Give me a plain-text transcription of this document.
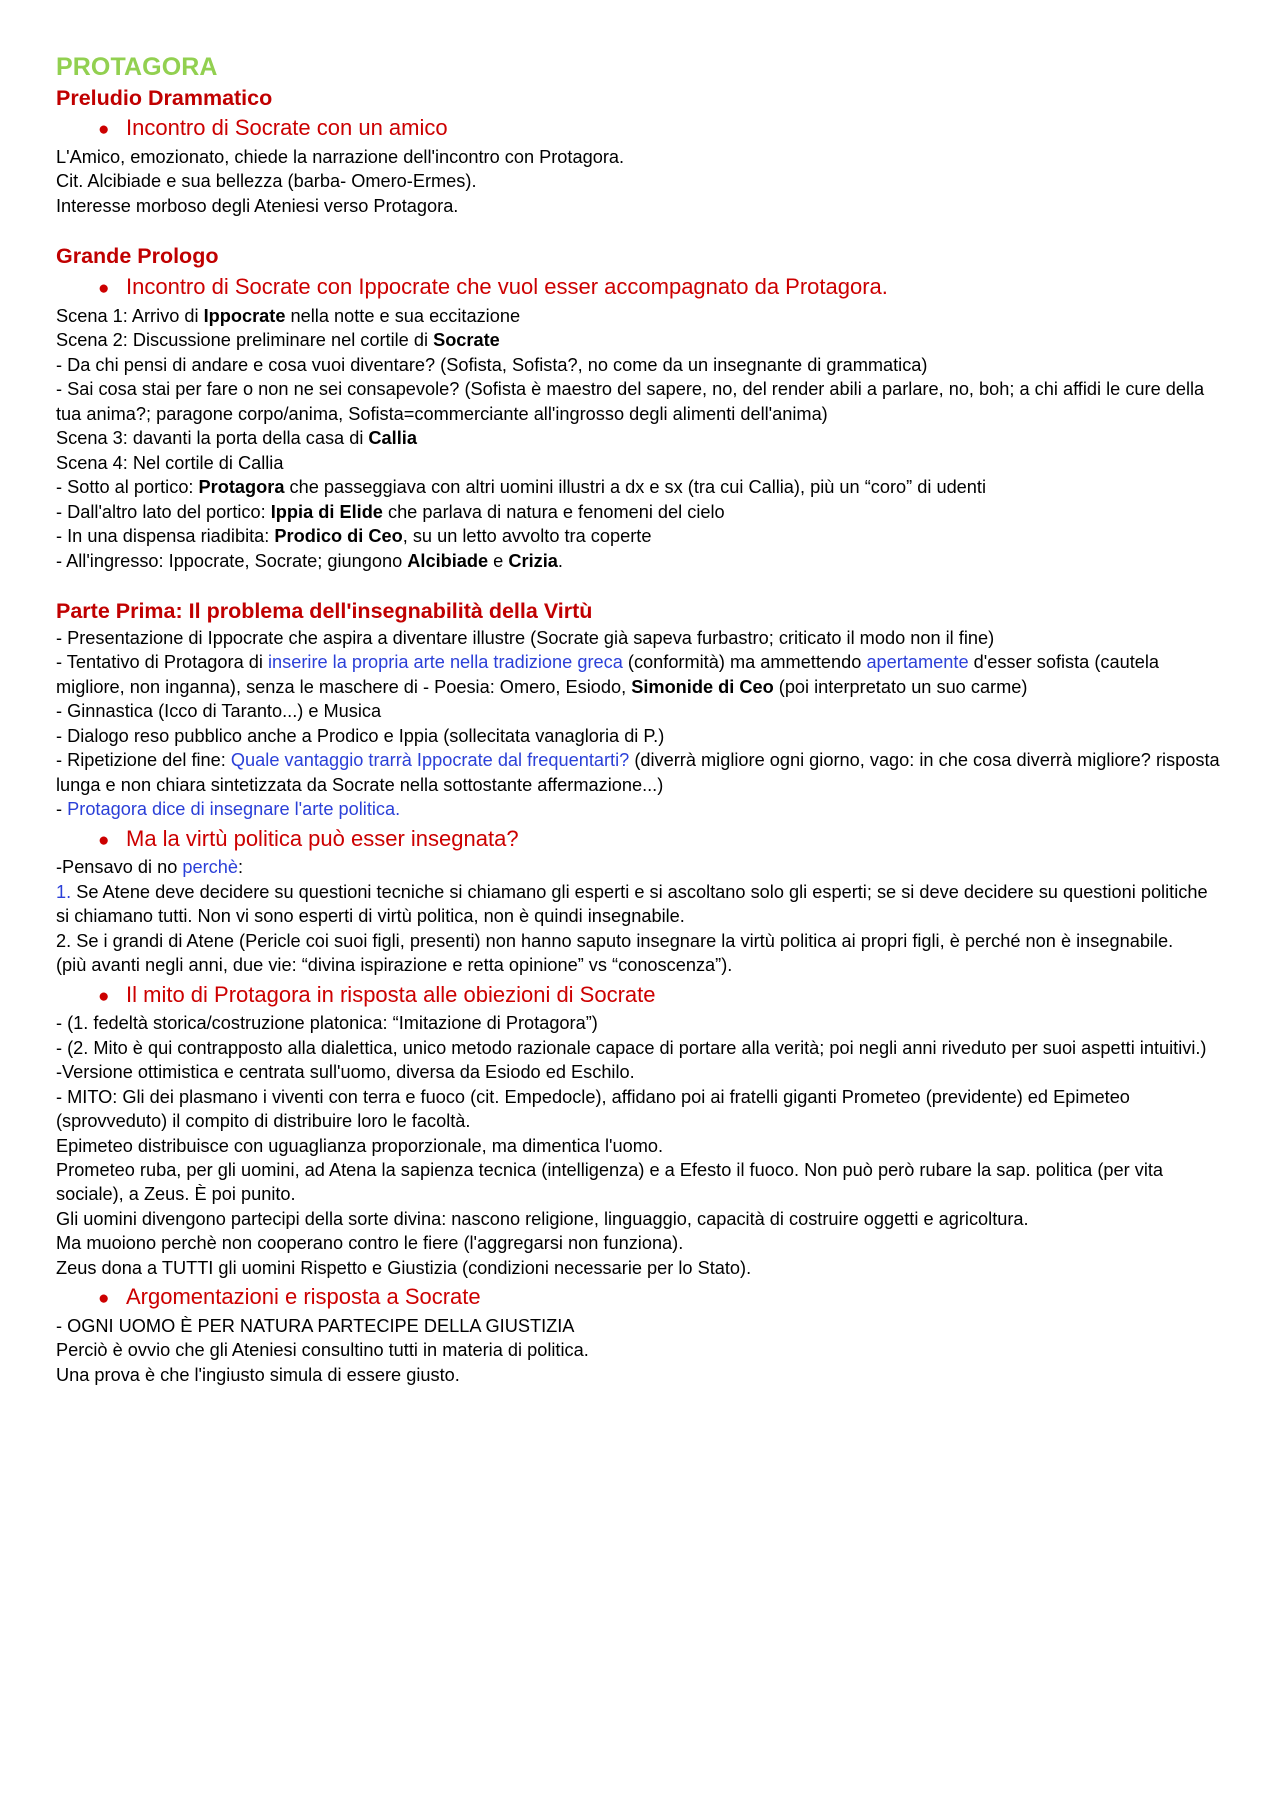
PROTAGORA
Preludio Drammatico
● Incontro di Socrate con un amico

L'Amico, emozionato, chiede la narrazione dell'incontro con Protagora.

Cit. Alcibiade e sua bellezza (barba- Omero-Ermes).

Interesse morboso degli Ateniesi verso Protagora.

Grande Prologo
● Incontro di Socrate con Ippocrate che vuol esser accompagnato da Protagora.

Scena 1: Arrivo di Ippocrate nella notte e sua eccitazione

Scena 2: Discussione preliminare nel cortile di Socrate

- Da chi pensi di andare e cosa vuoi diventare? (Sofista, Sofista?, no come da un insegnante di grammatica)

- Sai cosa stai per fare o non ne sei consapevole? (Sofista è maestro del sapere, no, del render abili a parlare, no, boh; a chi affidi le cure della tua anima?; paragone corpo/anima, Sofista=commerciante all'ingrosso degli alimenti dell'anima)

Scena 3: davanti la porta della casa di Callia

Scena 4: Nel cortile di Callia

- Sotto al portico: Protagora che passeggiava con altri uomini illustri a dx e sx (tra cui Callia), più un “coro” di udenti

- Dall'altro lato del portico: Ippia di Elide che parlava di natura e fenomeni del cielo

- In una dispensa riadibita: Prodico di Ceo, su un letto avvolto tra coperte

- All'ingresso: Ippocrate, Socrate; giungono Alcibiade e Crizia.

Parte Prima: Il problema dell'insegnabilità della Virtù

- Presentazione di Ippocrate che aspira a diventare illustre (Socrate già sapeva furbastro; criticato il modo non il fine)

- Tentativo di Protagora di inserire la propria arte nella tradizione greca (conformità) ma ammettendo apertamente d'esser sofista (cautela migliore, non inganna), senza le maschere di - Poesia: Omero, Esiodo, Simonide di Ceo (poi interpretato un suo carme)

- Ginnastica (Icco di Taranto...) e Musica

- Dialogo reso pubblico anche a Prodico e Ippia (sollecitata vanagloria di P.)

- Ripetizione del fine: Quale vantaggio trarrà Ippocrate dal frequentarti? (diverrà migliore ogni giorno, vago: in che cosa diverrà migliore? risposta lunga e non chiara sintetizzata da Socrate nella sottostante affermazione...)

- Protagora dice di insegnare l'arte politica.

● Ma la virtù politica può esser insegnata?

-Pensavo di no perchè:

1. Se Atene deve decidere su questioni tecniche si chiamano gli esperti e si ascoltano solo gli esperti; se si deve decidere su questioni politiche si chiamano tutti. Non vi sono esperti di virtù politica, non è quindi insegnabile.

2. Se i grandi di Atene (Pericle coi suoi figli, presenti) non hanno saputo insegnare la virtù politica ai propri figli, è perché non è insegnabile.

(più avanti negli anni, due vie: “divina ispirazione e retta opinione” vs “conoscenza”).

● Il mito di Protagora in risposta alle obiezioni di Socrate

- (1. fedeltà storica/costruzione platonica: “Imitazione di Protagora”)

- (2. Mito è qui contrapposto alla dialettica, unico metodo razionale capace di portare alla verità; poi negli anni riveduto per suoi aspetti intuitivi.)

-Versione ottimistica e centrata sull'uomo, diversa da Esiodo ed Eschilo.

- MITO: Gli dei plasmano i viventi con terra e fuoco (cit. Empedocle), affidano poi ai fratelli giganti Prometeo (previdente) ed Epimeteo (sprovveduto) il compito di distribuire loro le facoltà.

Epimeteo distribuisce con uguaglianza proporzionale, ma dimentica l'uomo.

Prometeo ruba, per gli uomini, ad Atena la sapienza tecnica (intelligenza) e a Efesto il fuoco. Non può però rubare la sap. politica (per vita sociale), a Zeus. È poi punito.

Gli uomini divengono partecipi della sorte divina: nascono religione, linguaggio, capacità di costruire oggetti e agricoltura.

Ma muoiono perchè non cooperano contro le fiere (l'aggregarsi non funziona).

Zeus dona a TUTTI gli uomini Rispetto e Giustizia (condizioni necessarie per lo Stato).

● Argomentazioni e risposta a Socrate

- OGNI UOMO È PER NATURA PARTECIPE DELLA GIUSTIZIA

Perciò è ovvio che gli Ateniesi consultino tutti in materia di politica.

Una prova è che l'ingiusto simula di essere giusto.
